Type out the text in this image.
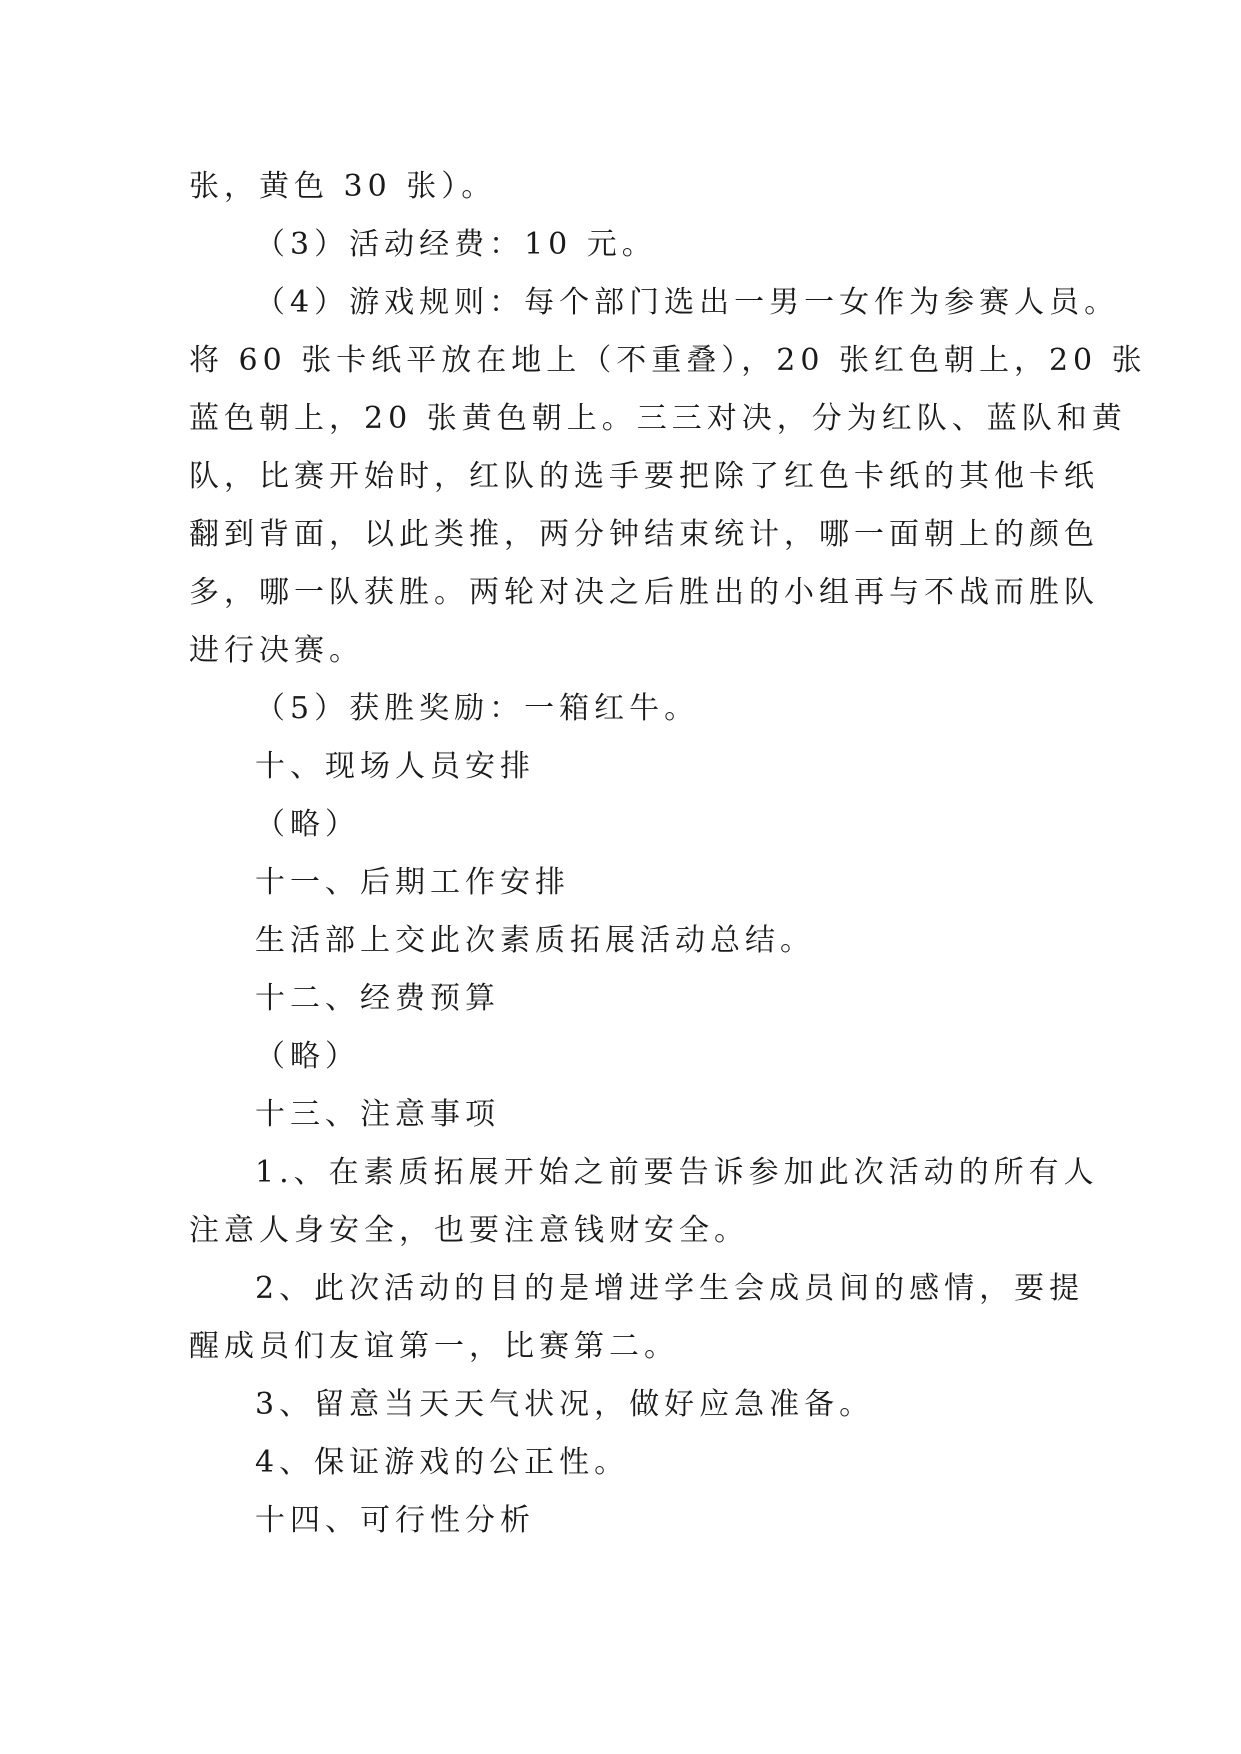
张，黄色 30 张）。
（3）活动经费：10 元。
（4）游戏规则：每个部门选出一男一女作为参赛人员。
将 60 张卡纸平放在地上（不重叠），20 张红色朝上，20 张
蓝色朝上，20 张黄色朝上。三三对决，分为红队、蓝队和黄
队，比赛开始时，红队的选手要把除了红色卡纸的其他卡纸
翻到背面，以此类推，两分钟结束统计，哪一面朝上的颜色
多，哪一队获胜。两轮对决之后胜出的小组再与不战而胜队
进行决赛。
（5）获胜奖励：一箱红牛。
十、现场人员安排
（略）
十一、后期工作安排
生活部上交此次素质拓展活动总结。
十二、经费预算
（略）
十三、注意事项
1.、在素质拓展开始之前要告诉参加此次活动的所有人
注意人身安全，也要注意钱财安全。
2、此次活动的目的是增进学生会成员间的感情，要提
醒成员们友谊第一，比赛第二。
3、留意当天天气状况，做好应急准备。
4、保证游戏的公正性。
十四、可行性分析
